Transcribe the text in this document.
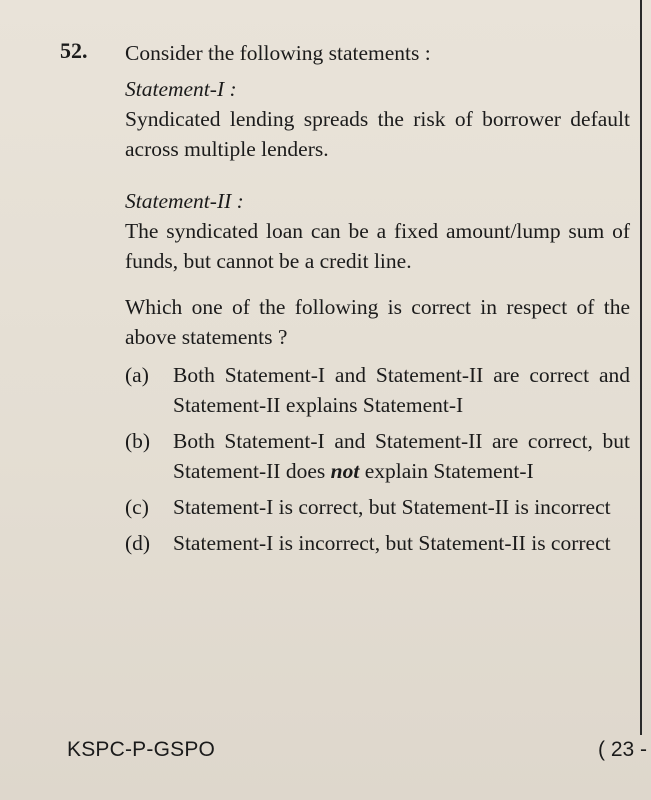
52. Consider the following statements :
Statement-I :
Syndicated lending spreads the risk of borrower default across multiple lenders.
Statement-II :
The syndicated loan can be a fixed amount/lump sum of funds, but cannot be a credit line.
Which one of the following is correct in respect of the above statements ?
(a)	Both Statement-I and Statement-II are correct and Statement-II explains Statement-I
(b)	Both Statement-I and Statement-II are correct, but Statement-II does not explain Statement-I
(c)	Statement-I is correct, but Statement-II is incorrect
(d)	Statement-I is incorrect, but Statement-II is correct
KSPC-P-GSPO	( 23 -
